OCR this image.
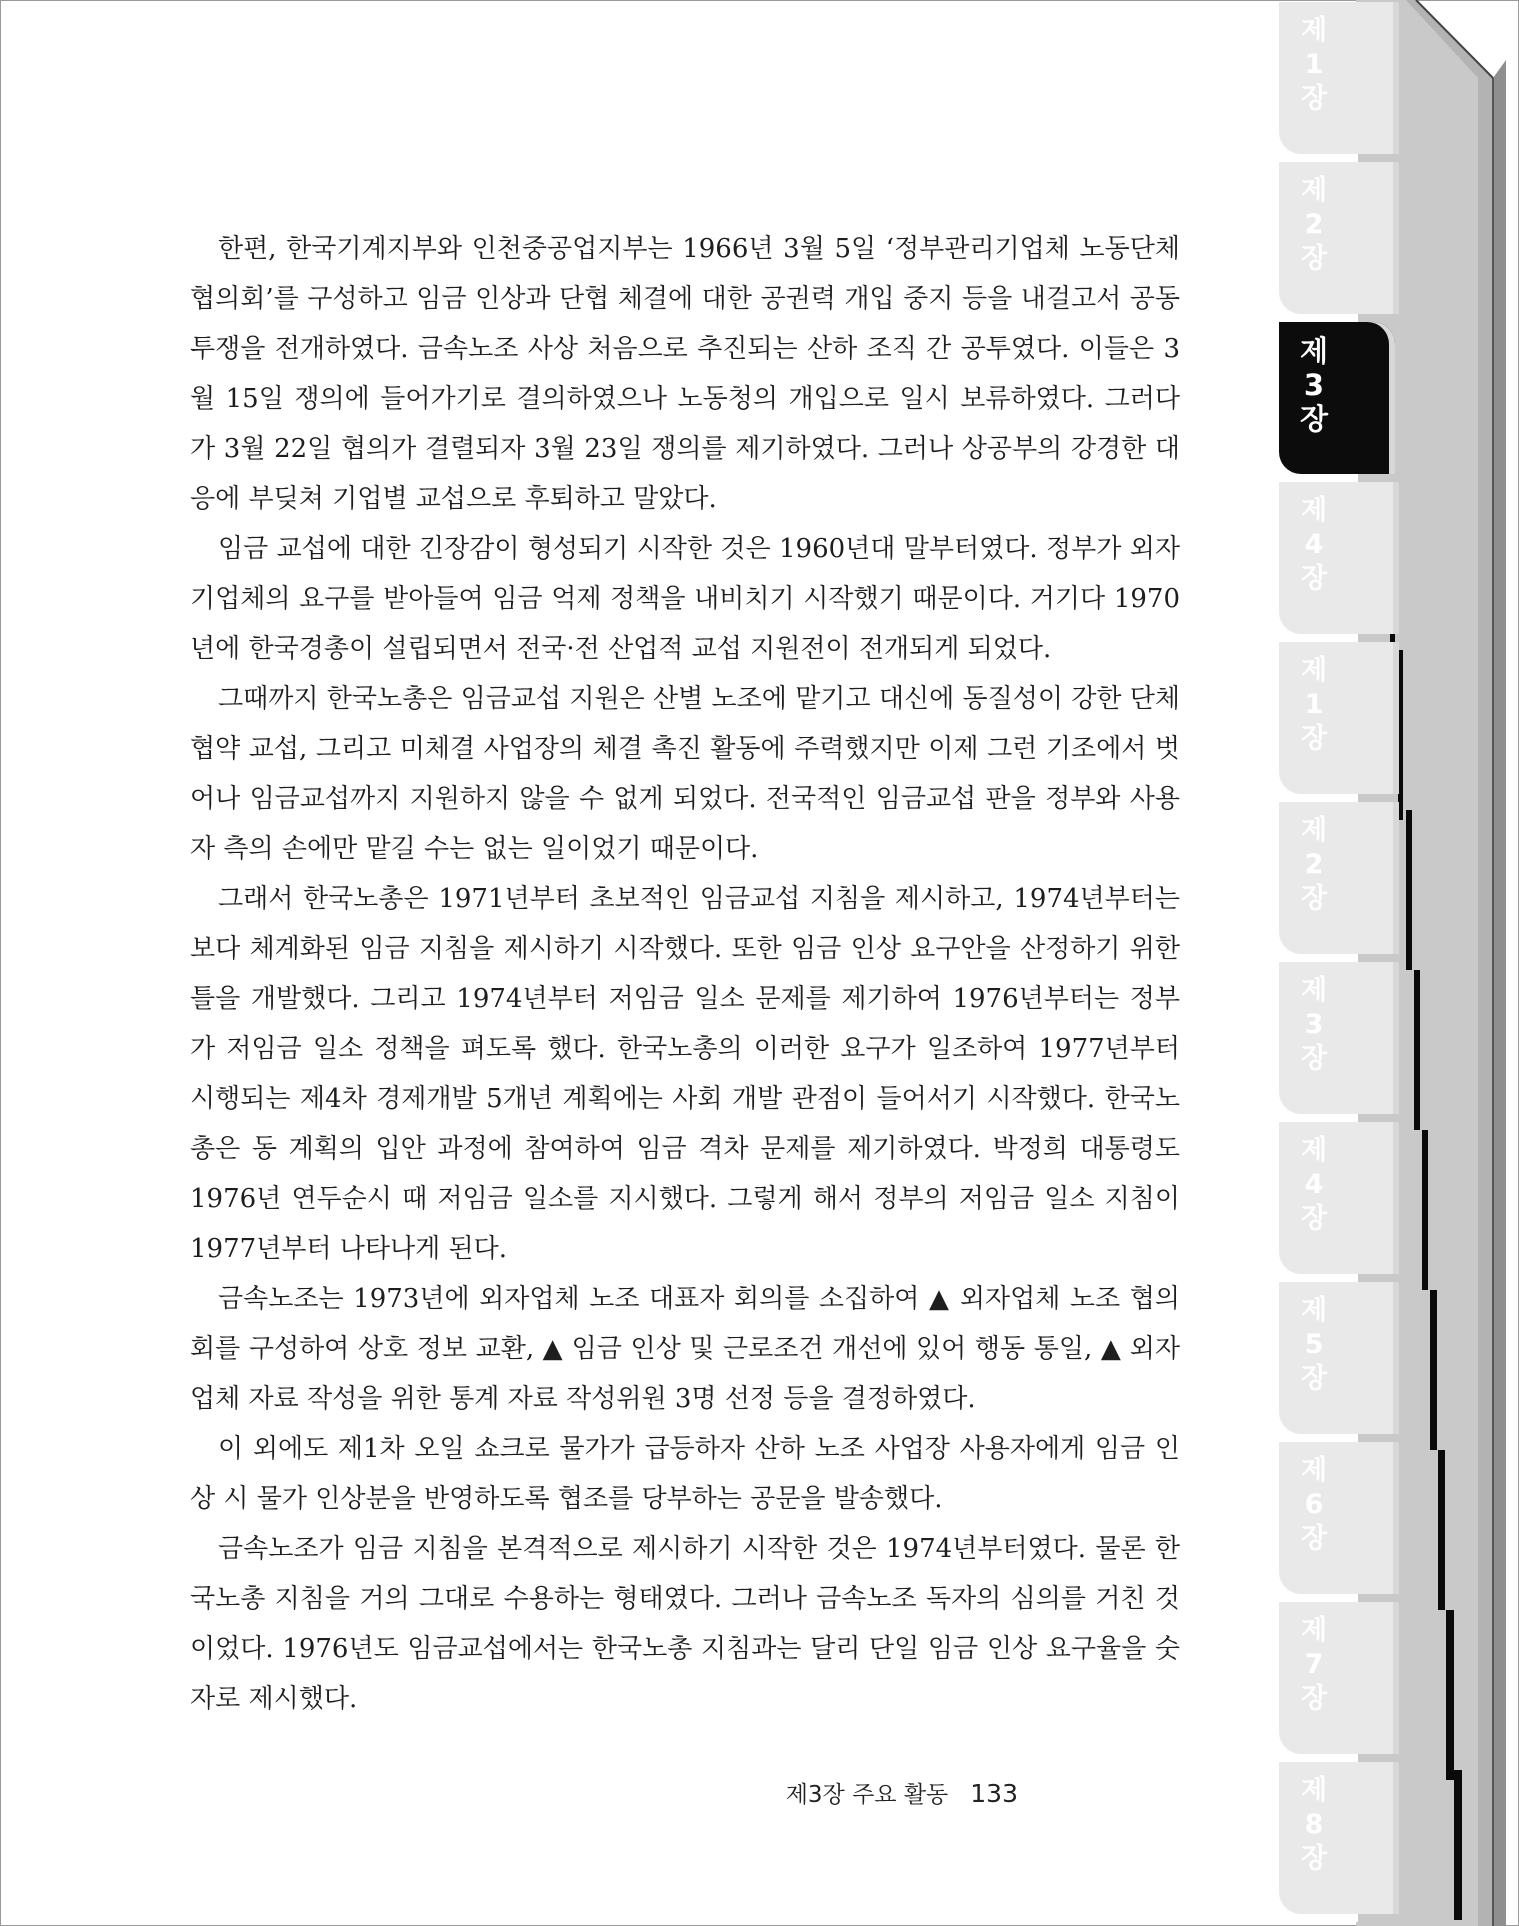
한편, 한국기계지부와 인천중공업지부는 1966년 3월 5일 ‘정부관리기업체 노동단체협의회’를 구성하고 임금 인상과 단협 체결에 대한 공권력 개입 중지 등을 내걸고서 공동투쟁을 전개하였다. 금속노조 사상 처음으로 추진되는 산하 조직 간 공투였다. 이들은 3월 15일 쟁의에 들어가기로 결의하였으나 노동청의 개입으로 일시 보류하였다. 그러다가 3월 22일 협의가 결렬되자 3월 23일 쟁의를 제기하였다. 그러나 상공부의 강경한 대응에 부딪쳐 기업별 교섭으로 후퇴하고 말았다.

임금 교섭에 대한 긴장감이 형성되기 시작한 것은 1960년대 말부터였다. 정부가 외자기업체의 요구를 받아들여 임금 억제 정책을 내비치기 시작했기 때문이다. 거기다 1970년에 한국경총이 설립되면서 전국·전 산업적 교섭 지원전이 전개되게 되었다.

그때까지 한국노총은 임금교섭 지원은 산별 노조에 맡기고 대신에 동질성이 강한 단체협약 교섭, 그리고 미체결 사업장의 체결 촉진 활동에 주력했지만 이제 그런 기조에서 벗어나 임금교섭까지 지원하지 않을 수 없게 되었다. 전국적인 임금교섭 판을 정부와 사용자 측의 손에만 맡길 수는 없는 일이었기 때문이다.

그래서 한국노총은 1971년부터 초보적인 임금교섭 지침을 제시하고, 1974년부터는 보다 체계화된 임금 지침을 제시하기 시작했다. 또한 임금 인상 요구안을 산정하기 위한 틀을 개발했다. 그리고 1974년부터 저임금 일소 문제를 제기하여 1976년부터는 정부가 저임금 일소 정책을 펴도록 했다. 한국노총의 이러한 요구가 일조하여 1977년부터 시행되는 제4차 경제개발 5개년 계획에는 사회 개발 관점이 들어서기 시작했다. 한국노총은 동 계획의 입안 과정에 참여하여 임금 격차 문제를 제기하였다. 박정희 대통령도 1976년 연두순시 때 저임금 일소를 지시했다. 그렇게 해서 정부의 저임금 일소 지침이 1977년부터 나타나게 된다.

금속노조는 1973년에 외자업체 노조 대표자 회의를 소집하여 ▲ 외자업체 노조 협의회를 구성하여 상호 정보 교환, ▲ 임금 인상 및 근로조건 개선에 있어 행동 통일, ▲ 외자업체 자료 작성을 위한 통계 자료 작성위원 3명 선정 등을 결정하였다.

이 외에도 제1차 오일 쇼크로 물가가 급등하자 산하 노조 사업장 사용자에게 임금 인상 시 물가 인상분을 반영하도록 협조를 당부하는 공문을 발송했다.

금속노조가 임금 지침을 본격적으로 제시하기 시작한 것은 1974년부터였다. 물론 한국노총 지침을 거의 그대로 수용하는 형태였다. 그러나 금속노조 독자의 심의를 거친 것이었다. 1976년도 임금교섭에서는 한국노총 지침과는 달리 단일 임금 인상 요구율을 숫자로 제시했다.

제3장 주요 활동 133
제
1
장
제
2
장
제
3
장
제
4
장
제
1
장
제
2
장
제
3
장
제
4
장
제
5
장
제
6
장
제
7
장
제
8
장
